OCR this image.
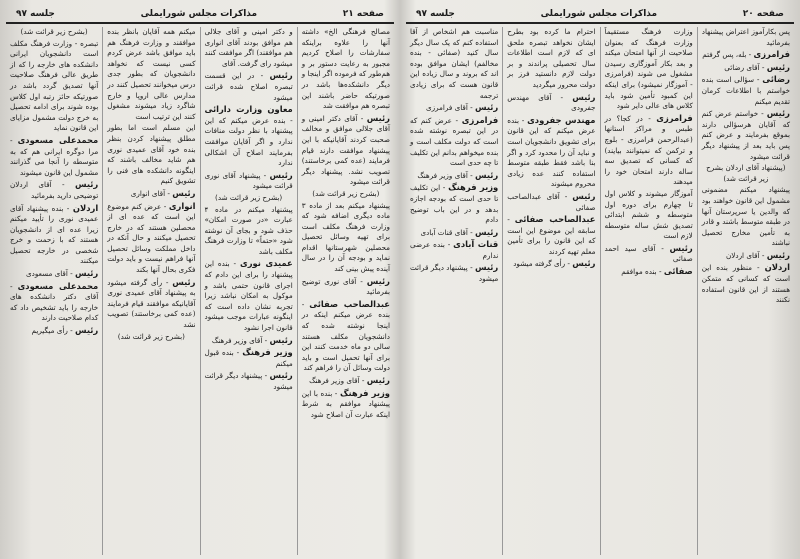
صفحه ۲۱
مذاکرات مجلس شورایملی
جلسه ۹۷

مصالح فرهنگی الخ» داشته آنها را علاوه براینکه سفارشات را اصلاح کردیم مجبور به رعایت دستور بر و هم‌طور که فرموده اگر اینجا و دیگر دانشکده‌ها باشد در صورتیکه حاضر باشند این تبصره هم موافقت شد

رئیس - آقای دکتر امینی و آقای جلالی موافق و مخالف صحبت کردند آقایانیکه با این پیشنهاد موافقت دارند قیام فرمایند (عده کمی برخاستند) تصویب نشد. پیشنهاد دیگر قرائت میشود

(بشرح زیر قرائت شد)

پیشنهاد میکنم بعد از ماده ۳ ماده دیگری اضافه شود که وزارت فرهنگ مکلف است برای تهیه وسائل تحصیل محصلین شهرستانها اقدام نماید و بودجه آن را در سال آینده پیش بینی کند

رئیس - آقای نوری توضیح بفرمائید

عبدالصاحب صفائی - بنده عرض میکنم اینکه در اینجا نوشته شده که دانشجویان مکلف هستند سالی دو ماه خدمت کنند این برای آنها تحمیل است و باید دولت وسائل آن را فراهم کند

رئیس - آقای وزیر فرهنگ

وزیر فرهنگ - بنده با این پیشنهاد موافقم به شرط اینکه عبارت آن اصلاح شود

و دکتر امینی و آقای جلالی هم موافق بودند آقای انواری هم موافقند) اگر موافقت کنند میشود رای گرفت. آقای

رئیس - در این قسمت تبصره اصلاح شده قرائت میشود

معاون وزارت دارائی - بنده عرض میکنم که این پیشنهاد با نظر دولت منافات ندارد و اگر آقایان موافقت بفرمایند اصلاح آن اشکالی ندارد

رئیس - پیشنهاد آقای نوری قرائت میشود

(بشرح زیر قرائت شد)

پیشنهاد میکنم در ماده ۴ عبارت «در صورت امکان» حذف شود و بجای آن نوشته شود «حتماً» تا وزارت فرهنگ مکلف باشد

عمیدی نوری - بنده این پیشنهاد را برای این دادم که اجرای قانون حتمی باشد و موکول به امکان نباشد زیرا تجربه نشان داده است که اینگونه عبارات موجب میشود قانون اجرا نشود

رئیس - آقای وزیر فرهنگ

وزیر فرهنگ - بنده قبول میکنم

رئیس - پیشنهاد دیگر قرائت میشود

میکنم همه آقایان بانظر بنده موافقند و وزارت فرهنگ هم باید موافق باشد عرض کردم کسی نیست که نخواهد دانشجویان که بطور جدی درس میخوانند تحصیل کنند در مدارس عالی اروپا و خارج شاگرد زیاد میشوند مشغول کنند این ترتیب است

این مسلم است اما بطور مطلق پیشنهاد کردن بنظر بنده خود آقای عمیدی نوری هم شاید مخالف باشند که اینگونه دانشکده های فنی را تشویق کنیم

رئیس - آقای انواری

انواری - عرض کنم موضوع این است که عده ای از محصلین هستند که در خارج تحصیل میکنند و حال آنکه در داخل مملکت وسائل تحصیل آنها فراهم نیست و باید دولت فکری بحال آنها بکند

رئیس - رأی گرفته میشود به پیشنهاد آقای عمیدی نوری آقایانیکه موافقند قیام فرمایند (عده کمی برخاستند) تصویب نشد

(بشرح زیر قرائت شد)

(بشرح زیر قرائت شد)

تبصره - وزارت فرهنگ مکلف است دانشجویان ایرانی دانشکده های خارجه را که از طریق عالی فرهنگ صلاحیت آنها تصدیق گردد باشد در صورتیکه حائز رتبه اول کلاس بوده شوند برای ادامه تحصیل به خرج دولت مشمول مزایای این قانون نماید

محمدعلی مسعودی - مرا دوگره ایرانی هم که به متوسطه را آنجا می گذرانند مشمول این قانون میشوند

رئیس - آقای اردلان توضیحی دارید بفرمائید

اردلان - بنده پیشنهاد آقای عمیدی نوری را تأیید میکنم زیرا عده ای از دانشجویان هستند که با زحمت و خرج شخصی در خارجه تحصیل میکنند

رئیس - آقای مسعودی

محمدعلی مسعودی - آقای دکتر دانشکده های خارجه را باید تشخیص داد که کدام صلاحیت دارند

رئیس - رأی میگیریم

صفحه ۲۰
مذاکرات مجلس شورایملی
جلسه ۹۷

پس بکارآموز اعتراض پیشنهاد بفرمائید

فرامرزی - بله، پس گرفتم

رئیس - آقای رضائی

رضائی - سؤالی است بنده خواستم با اطلاعات کرمان تقدیم میکنم

رئیس - خواستم عرض کنم که آقایان هرسؤالی دارند بموقع بفرمایند و عرض کنم پس باید بعد از پیشنهاد دیگر قرائت میشود

(پیشنهاد آقای اردلان بشرح زیر قرائت شد)

پیشنهاد میکنم مضمونی مشمول این قانون خواهند بود که والدین یا سرپرستان آنها در طبقه متوسط باشند و قادر به تأمین مخارج تحصیل نباشند

رئیس - آقای اردلان

اردلان - منظور بنده این است که کسانی که متمکن هستند از این قانون استفاده نکنند

وزارت فرهنگ مستقیماً وزارت فرهنگ که بعنوان صلاحیت از آنها امتحان میکند و بعد بکار آموزگاری رسیدن مشغول می شوند (فرامرزی - آموزگار نمیشود) برای اینکه این کمبود تأمین شود باید کلاس های عالی دایر شود

فرامرزی - در کجا؟ در طبس و مراکز استانها (عبدالرحمن فرامرزی - بلوچ و ترکمن که نمیتوانند بیایند) که کسانی که تصدیق سه ساله دارند امتحان خود را میدهند

آموزگار میشوند و کلاس اول تا چهارم برای دوره اول متوسطه و ششم ابتدائی تصدیق شش ساله متوسطه لازم است

رئیس - آقای سید احمد صفائی

صفائی - بنده موافقم

احترام ما کرده بود بطرح ایشان نخواهد تبصره ملحق ای که لازم است اطلاعات سال تحصیلی پراندند و بر دولت لازم دانستید فرز بر دولت محرور میگردید

رئیس - آقای مهندس جفرودی

مهندس جفرودی - بنده عرض میکنم که این قانون برای تشویق دانشجویان است و نباید آن را محدود کرد و اگر بنا باشد فقط طبقه متوسط استفاده کنند عده زیادی محروم میشوند

رئیس - آقای عبدالصاحب صفائی

عبدالصاحب صفائی - سابقه این موضوع این است که این قانون را برای تأمین معلم تهیه کردند

رئیس - رأی گرفته میشود

مناسبت هم اشخاص از آقا استفاده کنم که یک سال دیگر سال کنید (صفائی - بنده مخالفم) ایشان موافق بوده اند که بروند و سال زیاده این قانون هست که برای زیادی ترجمه

رئیس - آقای فرامرزی

فرامرزی - عرض کنم که در این تبصره نوشته شده است که دولت مکلف است و بنده میخواهم بدانم این تکلیف تا چه حدی است

رئیس - آقای وزیر فرهنگ

وزیر فرهنگ - این تکلیف تا حدی است که بودجه اجازه بدهد و در این باب توضیح دادم

رئیس - آقای قنات آبادی

قنات آبادی - بنده عرضی ندارم

رئیس - پیشنهاد دیگر قرائت میشود
